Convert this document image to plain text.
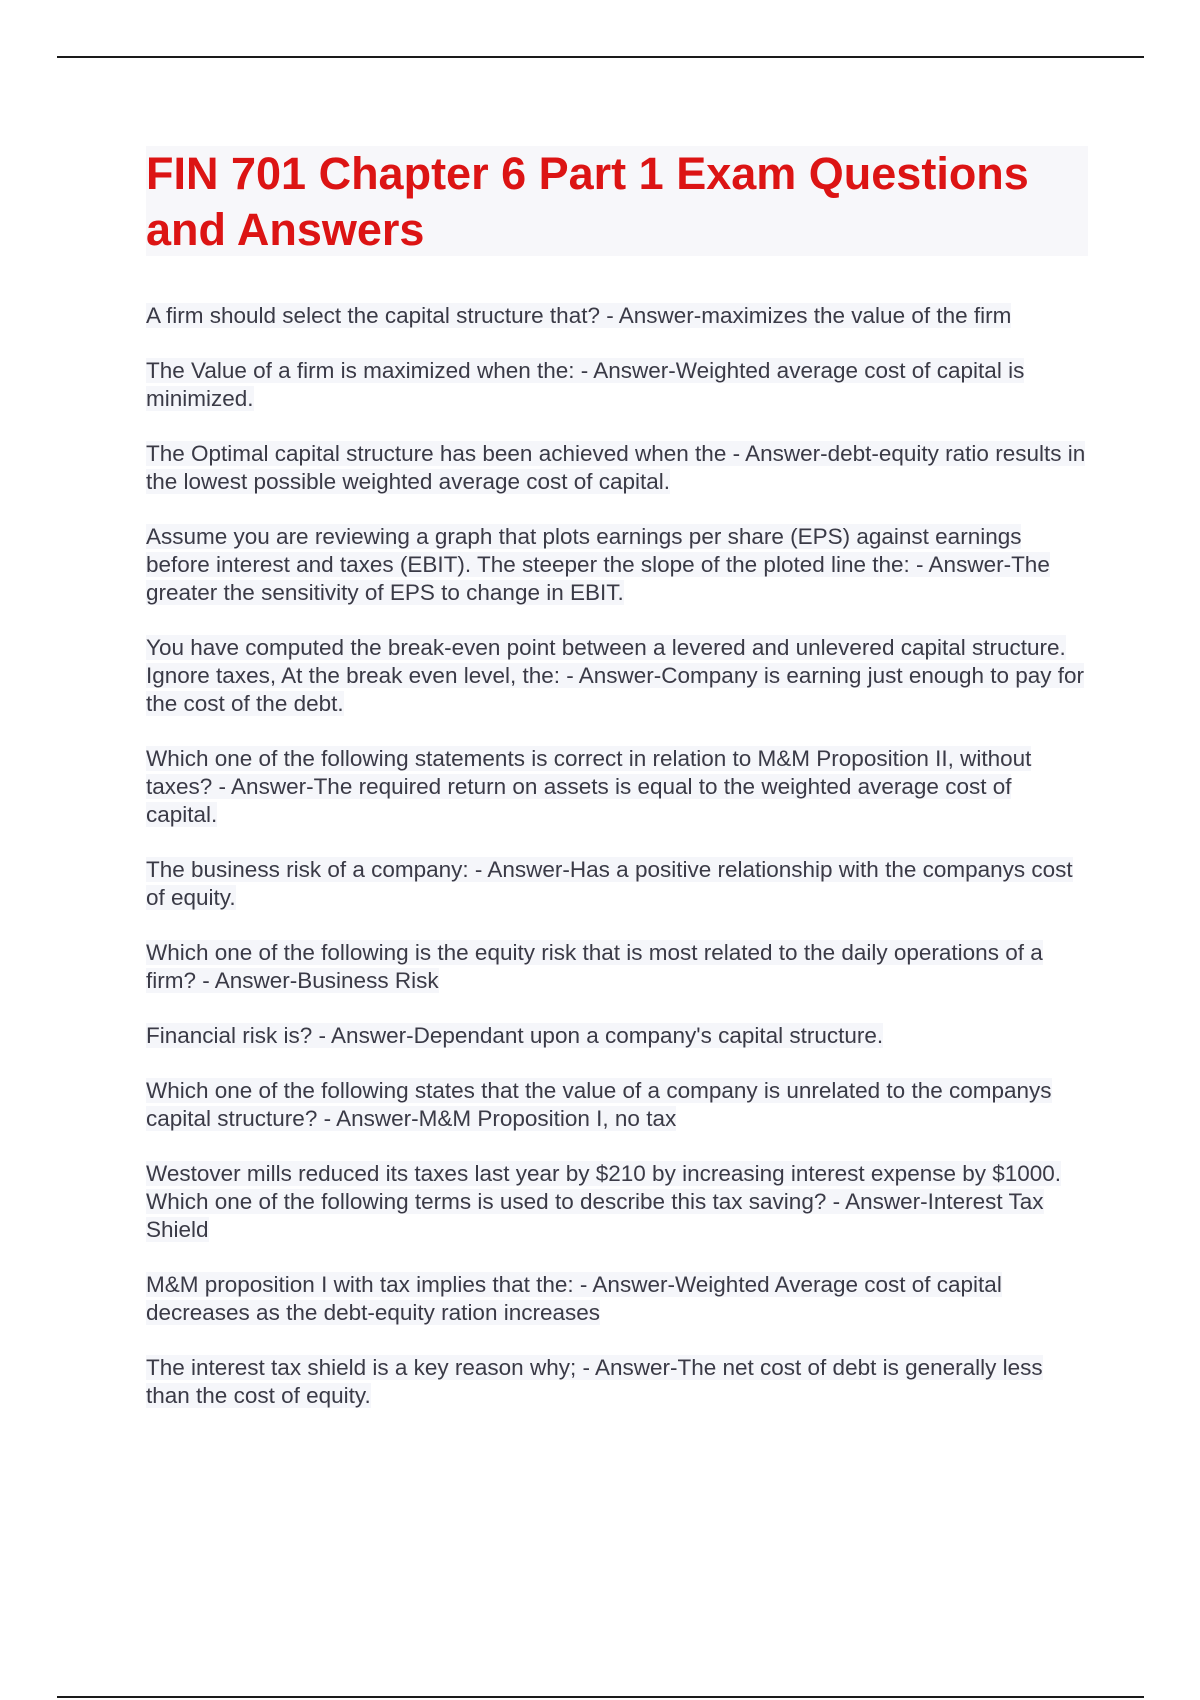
FIN 701 Chapter 6 Part 1 Exam Questions and Answers
A firm should select the capital structure that? - Answer-maximizes the value of the firm
The Value of a firm is maximized when the: - Answer-Weighted average cost of capital is minimized.
The Optimal capital structure has been achieved when the - Answer-debt-equity ratio results in the lowest possible weighted average cost of capital.
Assume you are reviewing a graph that plots earnings per share (EPS) against earnings before interest and taxes (EBIT). The steeper the slope of the ploted line the: - Answer-The greater the sensitivity of EPS to change in EBIT.
You have computed the break-even point between a levered and unlevered capital structure. Ignore taxes, At the break even level, the: - Answer-Company is earning just enough to pay for the cost of the debt.
Which one of the following statements is correct in relation to M&M Proposition II, without taxes? - Answer-The required return on assets is equal to the weighted average cost of capital.
The business risk of a company: - Answer-Has a positive relationship with the companys cost of equity.
Which one of the following is the equity risk that is most related to the daily operations of a firm? - Answer-Business Risk
Financial risk is? - Answer-Dependant upon a company's capital structure.
Which one of the following states that the value of a company is unrelated to the companys capital structure? - Answer-M&M Proposition I, no tax
Westover mills reduced its taxes last year by $210 by increasing interest expense by $1000. Which one of the following terms is used to describe this tax saving? - Answer-Interest Tax Shield
M&M proposition I with tax implies that the: - Answer-Weighted Average cost of capital decreases as the debt-equity ration increases
The interest tax shield is a key reason why; - Answer-The net cost of debt is generally less than the cost of equity.
